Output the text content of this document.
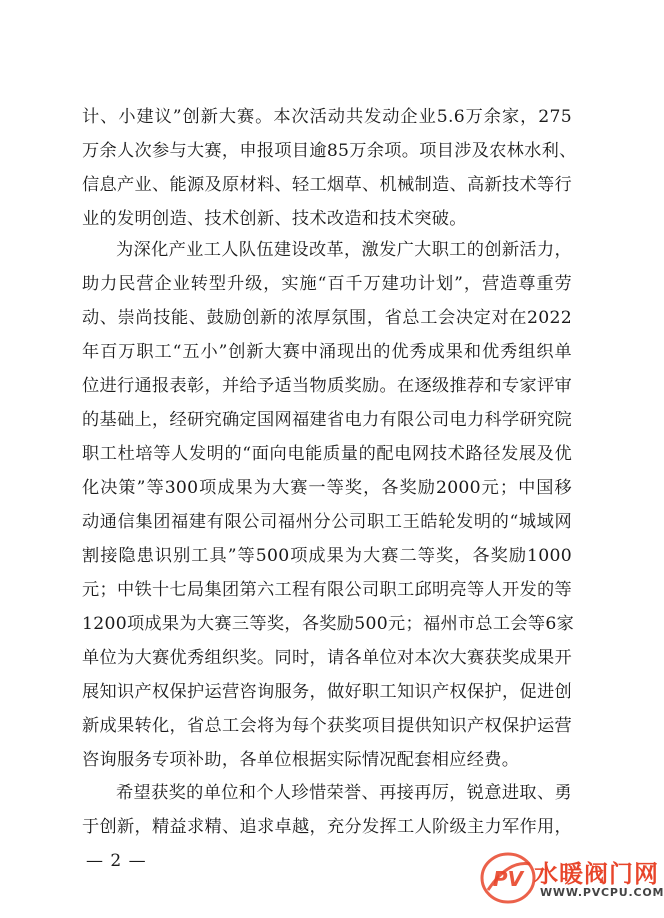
计、小建议”创新大赛。本次活动共发动企业5.6万余家，275
万余人次参与大赛，申报项目逾85万余项。项目涉及农林水利、
信息产业、能源及原材料、轻工烟草、机械制造、高新技术等行
业的发明创造、技术创新、技术改造和技术突破。
为深化产业工人队伍建设改革，激发广大职工的创新活力，
助力民营企业转型升级，实施“百千万建功计划”，营造尊重劳
动、崇尚技能、鼓励创新的浓厚氛围，省总工会决定对在2022
年百万职工“五小”创新大赛中涌现出的优秀成果和优秀组织单
位进行通报表彰，并给予适当物质奖励。在逐级推荐和专家评审
的基础上，经研究确定国网福建省电力有限公司电力科学研究院
职工杜培等人发明的“面向电能质量的配电网技术路径发展及优
化决策”等300项成果为大赛一等奖，各奖励2000元；中国移
动通信集团福建有限公司福州分公司职工王皓轮发明的“城域网
割接隐患识别工具”等500项成果为大赛二等奖，各奖励1000
元；中铁十七局集团第六工程有限公司职工邱明亮等人开发的等
1200项成果为大赛三等奖，各奖励500元；福州市总工会等6家
单位为大赛优秀组织奖。同时，请各单位对本次大赛获奖成果开
展知识产权保护运营咨询服务，做好职工知识产权保护，促进创
新成果转化，省总工会将为每个获奖项目提供知识产权保护运营
咨询服务专项补助，各单位根据实际情况配套相应经费。
希望获奖的单位和个人珍惜荣誉、再接再厉，锐意进取、勇
于创新，精益求精、追求卓越，充分发挥工人阶级主力军作用，
— 2 —
PV 水暖阀门网
WWW.PVCPU.COM
